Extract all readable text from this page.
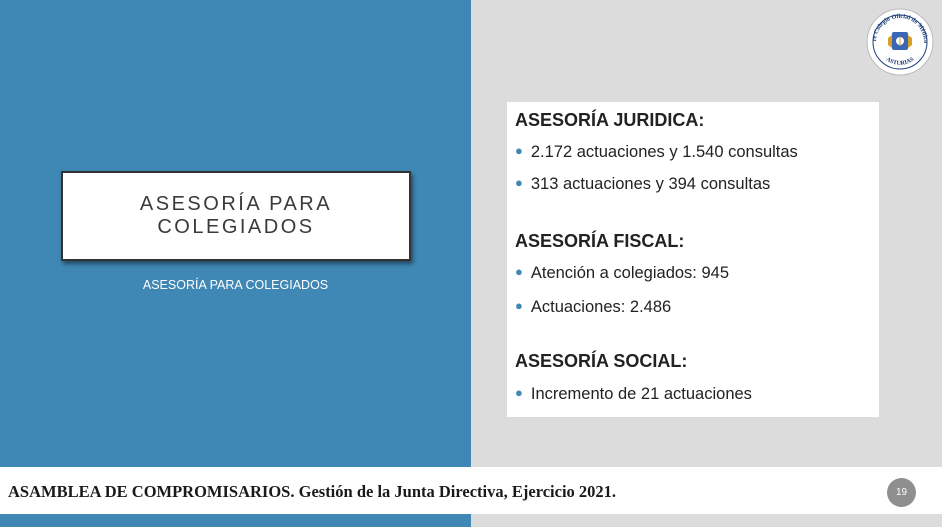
ASESORÍA PARA
COLEGIADOS
ASESORÍA PARA COLEGIADOS
re Colegio Oficial de Médico
ASTURIAS
ASESORÍA JURIDICA:
● 2.172 actuaciones y 1.540 consultas
● 313 actuaciones y 394 consultas
ASESORÍA FISCAL:
● Atención a colegiados: 945
● Actuaciones: 2.486
ASESORÍA SOCIAL:
● Incremento de 21 actuaciones
ASAMBLEA DE COMPROMISARIOS. Gestión de la Junta Directiva, Ejercicio 2021.	19
